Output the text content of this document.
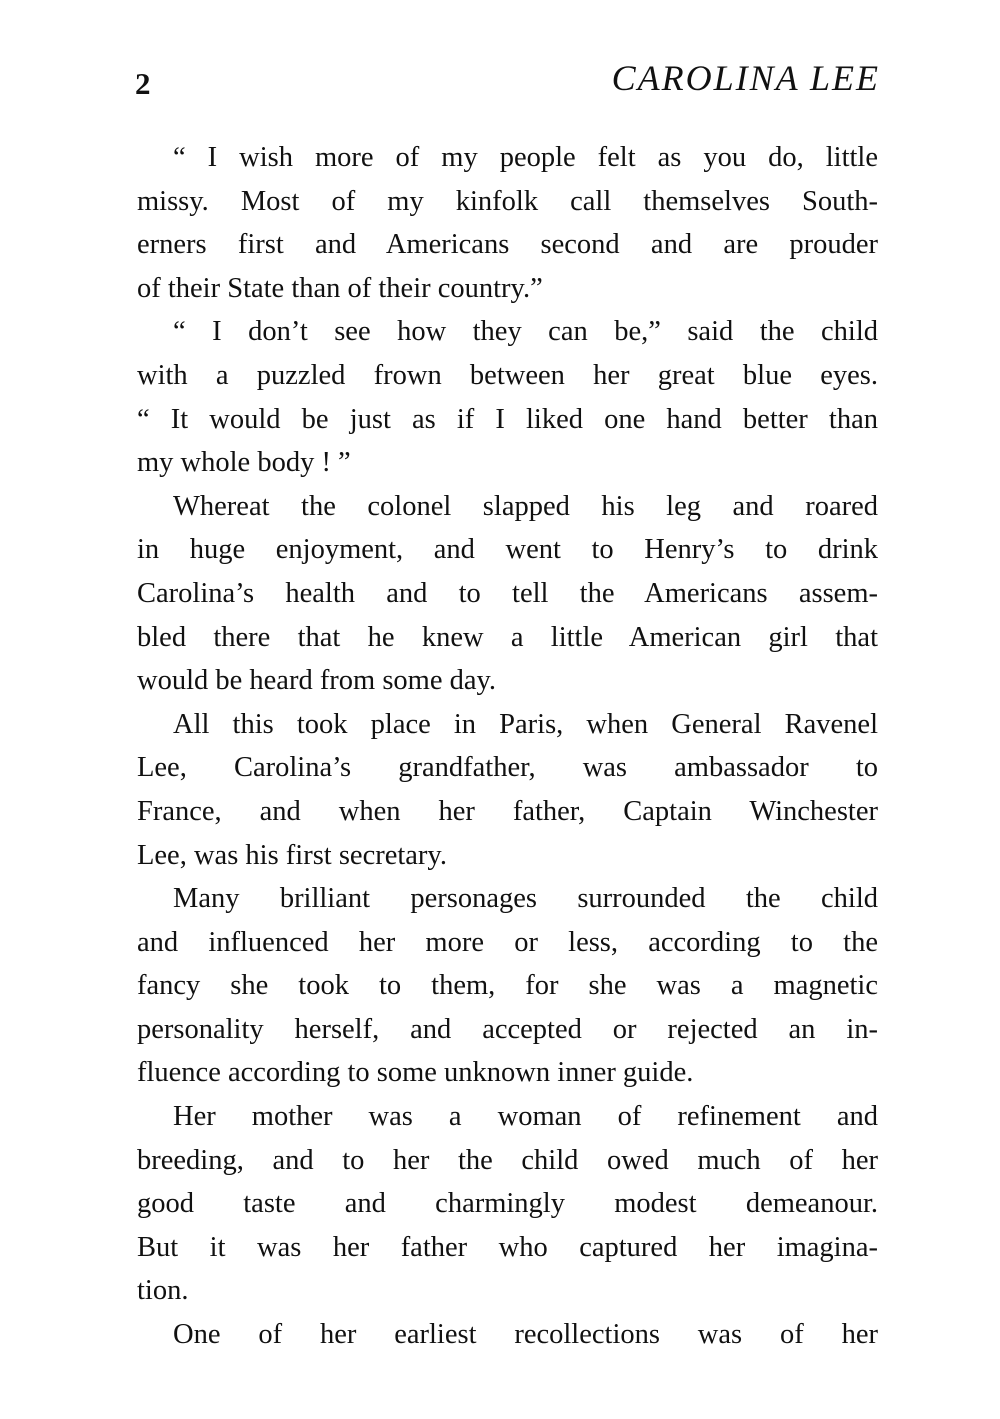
2	CAROLINA LEE
“ I wish more of my people felt as you do, little
missy. Most of my kinfolk call themselves South-
erners first and Americans second and are prouder
of their State than of their country.”
“ I don’t see how they can be,” said the child
with a puzzled frown between her great blue eyes.
“ It would be just as if I liked one hand better than
my whole body ! ”
Whereat the colonel slapped his leg and roared
in huge enjoyment, and went to Henry’s to drink
Carolina’s health and to tell the Americans assem-
bled there that he knew a little American girl that
would be heard from some day.
All this took place in Paris, when General Ravenel
Lee, Carolina’s grandfather, was ambassador to
France, and when her father, Captain Winchester
Lee, was his first secretary.
Many brilliant personages surrounded the child
and influenced her more or less, according to the
fancy she took to them, for she was a magnetic
personality herself, and accepted or rejected an in-
fluence according to some unknown inner guide.
Her mother was a woman of refinement and
breeding, and to her the child owed much of her
good taste and charmingly modest demeanour.
But it was her father who captured her imagina-
tion.
One of her earliest recollections was of her
